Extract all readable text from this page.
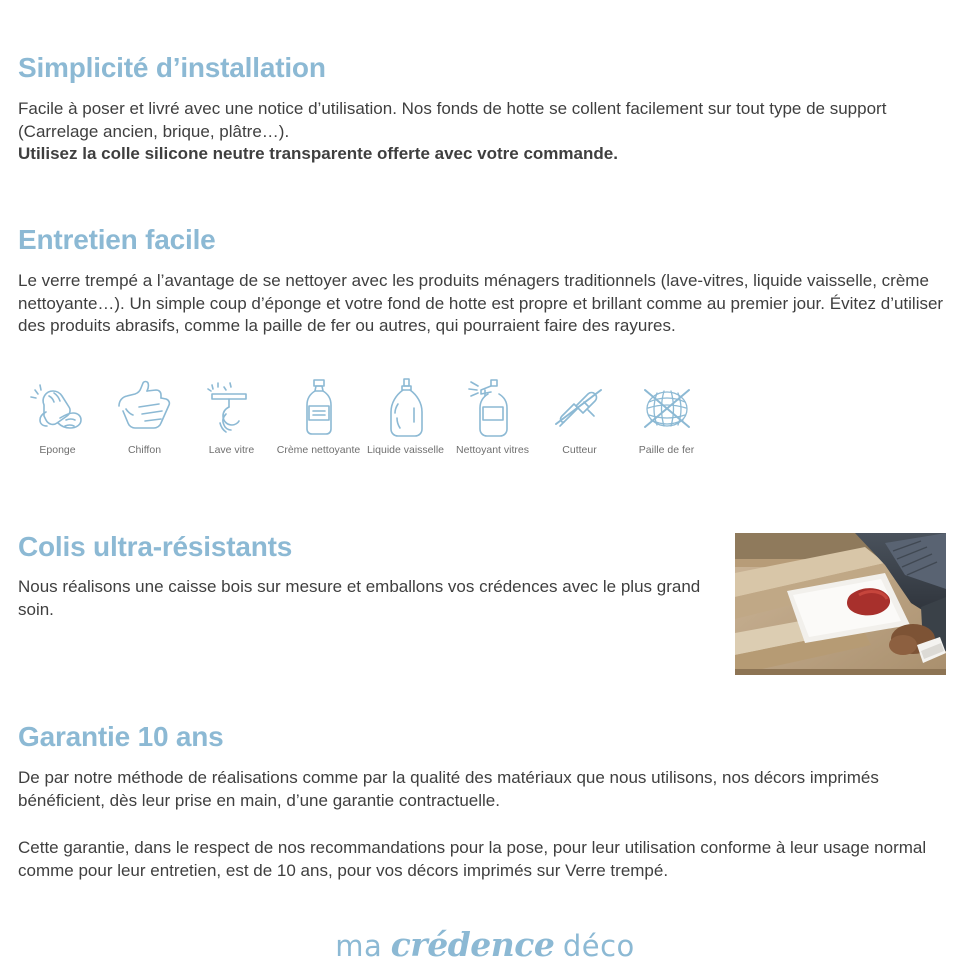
Simplicité d’installation

Facile à poser et livré avec une notice d’utilisation. Nos fonds de hotte se collent facilement sur tout type de support (Carrelage ancien, brique, plâtre…).

Utilisez la colle silicone neutre transparente offerte avec votre commande.

Entretien facile

Le verre trempé a l’avantage de se nettoyer avec les produits ménagers traditionnels (lave-vitres, liquide vaisselle, crème nettoyante…). Un simple coup d’éponge et votre fond de hotte est propre et brillant comme au premier jour. Évitez d’utiliser des produits abrasifs, comme la paille de fer ou autres, qui pourraient faire des rayures.

Eponge	Chiffon	Lave vitre Crème nettoyante Liquide vaisselle Nettoyant vitres	Cutteur	Paille de fer
Colis ultra-résistants

Nous réalisons une caisse bois sur mesure et emballons vos crédences avec le plus grand soin.

Garantie 10 ans

De par notre méthode de réalisations comme par la qualité des matériaux que nous utilisons, nos décors imprimés bénéficient, dès leur prise en main, d’une garantie contractuelle.

Cette garantie, dans le respect de nos recommandations pour la pose, pour leur utilisation conforme à leur usage normal comme pour leur entretien, est de 10 ans, pour vos décors imprimés sur Verre trempé.

ma crédence déco
